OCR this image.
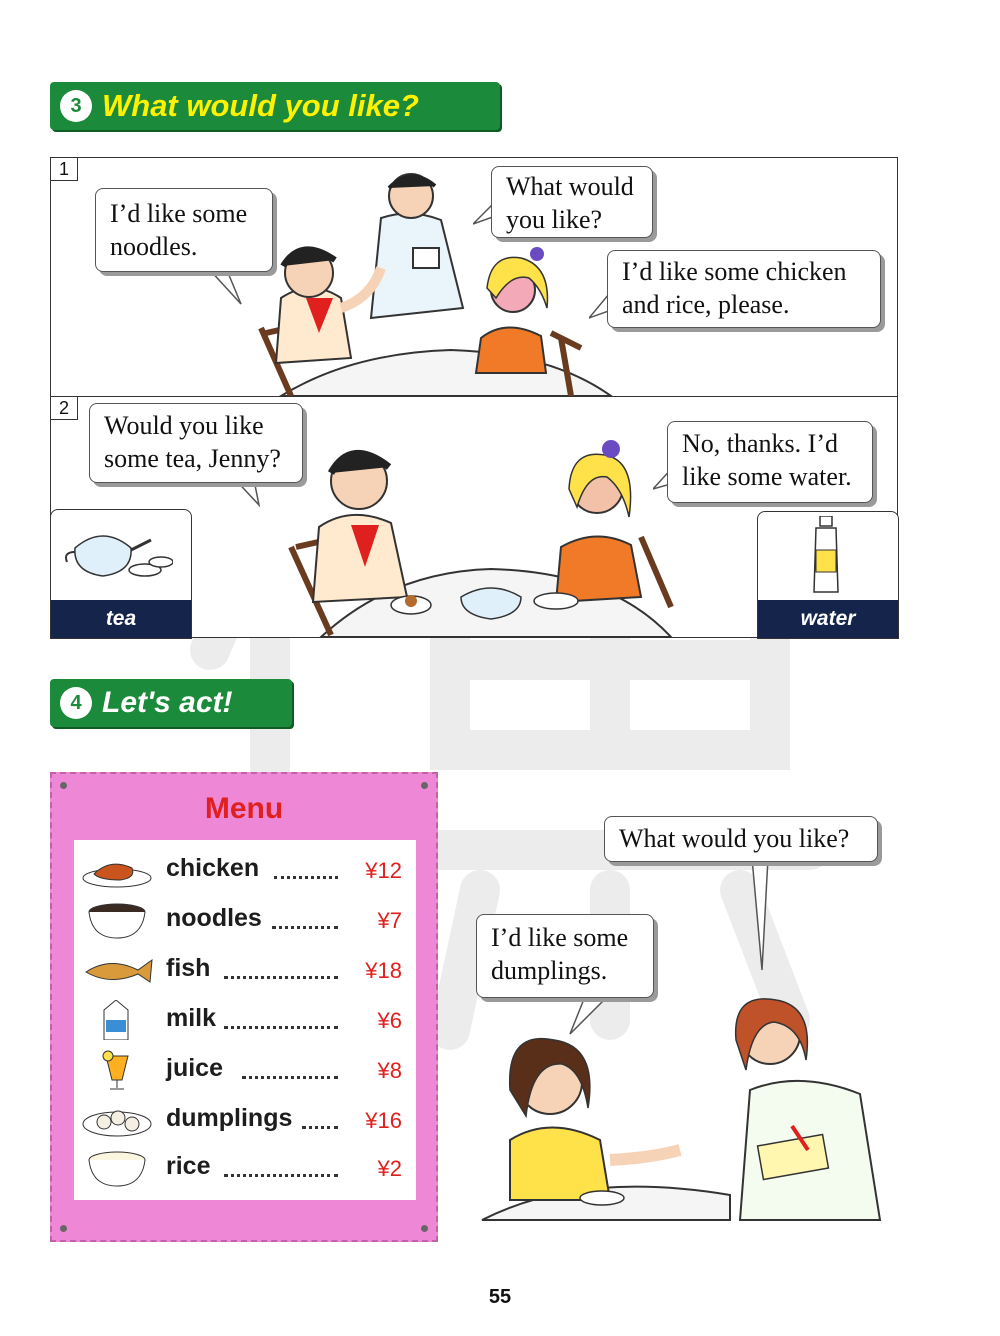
3 What would you like?
1
I’d like some
noodles.
What would
you like?
I’d like some chicken
and rice, please.
2
Would you like
some tea, Jenny?
No, thanks. I’d
like some water.
tea	water
4 Let's act!
Menu
chicken	¥12
noodles	¥7
fish	¥18
milk	¥6
juice	¥8
dumplings	¥16
rice	¥2
What would you like?
I’d like some
dumplings.
55
